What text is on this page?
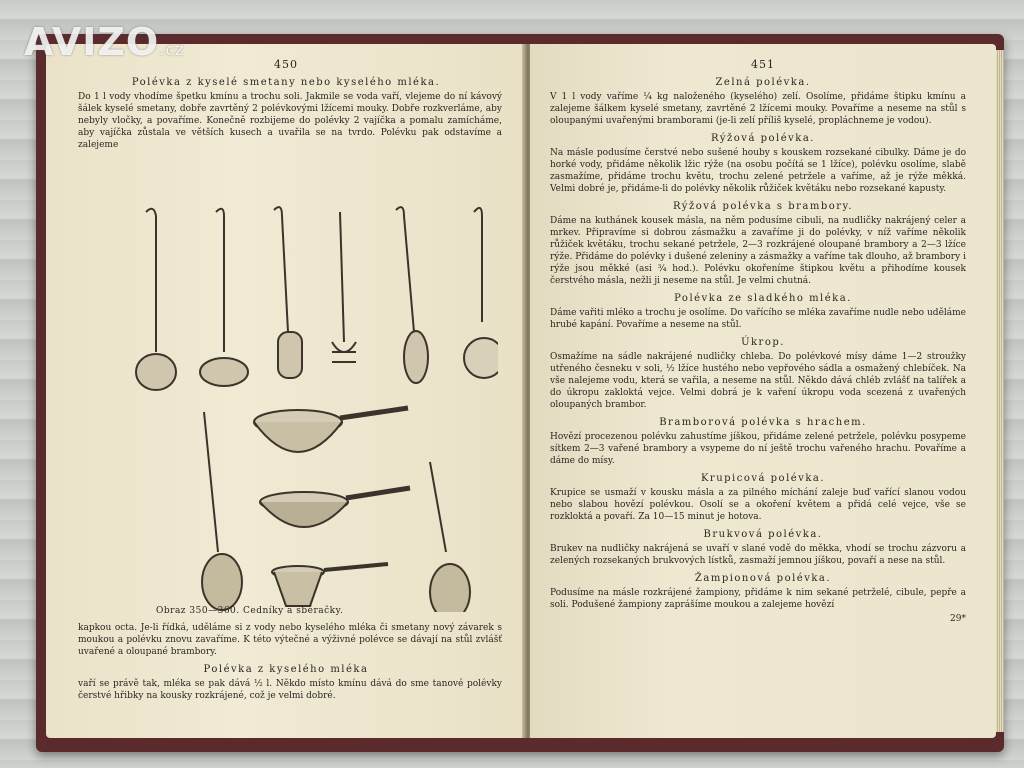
AVIZO.cz
450
Polévka z kyselé smetany nebo kyselého mléka.
Do 1 l vody vhodíme špetku kmínu a trochu soli. Jakmile se voda vaří, vlejeme do ní kávový šálek kyselé smetany, dobře zavrtěný 2 polévkovými lžícemi mouky. Dobře rozkverláme, aby nebyly vločky, a povaříme. Konečně rozbijeme do polévky 2 vajíčka a pomalu zamícháme, aby vajíčka zůstala ve větších kusech a uvařila se na tvrdo. Polévku pak odstavíme a zalejeme
Obraz 350—360. Cedníky a sběračky.
kapkou octa. Je-li řídká, uděláme si z vody nebo kyselého mléka či smetany nový závarek s moukou a polévku znovu zavaříme. K této výtečné a výživné polévce se dávají na stůl zvlášť uvařené a oloupané brambory.
Polévka z kyselého mléka
vaří se právě tak, mléka se pak dává ½ l. Někdo místo kmínu dává do sme tanové polévky čerstvé hřibky na kousky rozkrájené, což je velmi dobré.
451
Zelná polévka.
V 1 l vody vaříme ¼ kg naloženého (kyselého) zelí. Osolíme, přidáme štipku kmínu a zalejeme šálkem kyselé smetany, zavrtěné 2 lžícemi mouky. Povaříme a neseme na stůl s oloupanými uvařenými bramborami (je-li zelí příliš kyselé, propláchneme je vodou).
Rýžová polévka.
Na másle podusíme čerstvé nebo sušené houby s kouskem rozsekané cibulky. Dáme je do horké vody, přidáme několik lžic rýže (na osobu počítá se 1 lžíce), polévku osolíme, slabě zasmažíme, přidáme trochu květu, trochu zelené petržele a vaříme, až je rýže měkká. Velmi dobré je, přidáme-li do polévky několik růžiček květáku nebo rozsekané kapusty.
Rýžová polévka s brambory.
Dáme na kuthánek kousek másla, na něm podusíme cibuli, na nudličky nakrájený celer a mrkev. Připravíme si dobrou zásmažku a zavaříme ji do polévky, v níž vaříme několik růžiček květáku, trochu sekané petržele, 2—3 rozkrájené oloupané brambory a 2—3 lžíce rýže. Přidáme do polévky i dušené zeleniny a zásmažky a vaříme tak dlouho, až brambory i rýže jsou měkké (asi ¾ hod.). Polévku okořeníme štipkou květu a přihodíme kousek čerstvého másla, nežli ji neseme na stůl. Je velmi chutná.
Polévka ze sladkého mléka.
Dáme vařiti mléko a trochu je osolíme. Do vařícího se mléka zavaříme nudle nebo uděláme hrubé kapání. Povaříme a neseme na stůl.
Úkrop.
Osmažíme na sádle nakrájené nudličky chleba. Do polévkové mísy dáme 1—2 stroužky utřeného česneku v soli, ½ lžíce hustého nebo vepřového sádla a osmažený chlebíček. Na vše nalejeme vodu, která se vařila, a neseme na stůl. Někdo dává chléb zvlášť na talířek a do úkropu zakloktá vejce. Velmi dobrá je k vaření úkropu voda scezená z uvařených oloupaných brambor.
Bramborová polévka s hrachem.
Hovězí procezenou polévku zahustíme jíškou, přidáme zelené petržele, polévku posypeme sítkem 2—3 vařené brambory a vsypeme do ní ještě trochu vařeného hrachu. Povaříme a dáme do mísy.
Krupicová polévka.
Krupice se usmaží v kousku másla a za pilného míchání zaleje buď vařící slanou vodou nebo slabou hovězí polévkou. Osolí se a okoření květem a přidá celé vejce, vše se rozkloktá a povaří. Za 10—15 minut je hotova.
Brukvová polévka.
Brukev na nudličky nakrájená se uvaří v slané vodě do měkka, vhodí se trochu zázvoru a zelených rozsekaných brukvových lístků, zasmaží jemnou jíškou, povaří a nese na stůl.
Žampionová polévka.
Podusíme na másle rozkrájené žampiony, přidáme k nim sekané petrželé, cibule, pepře a soli. Podušené žampiony zaprášíme moukou a zalejeme hovězí
29*
